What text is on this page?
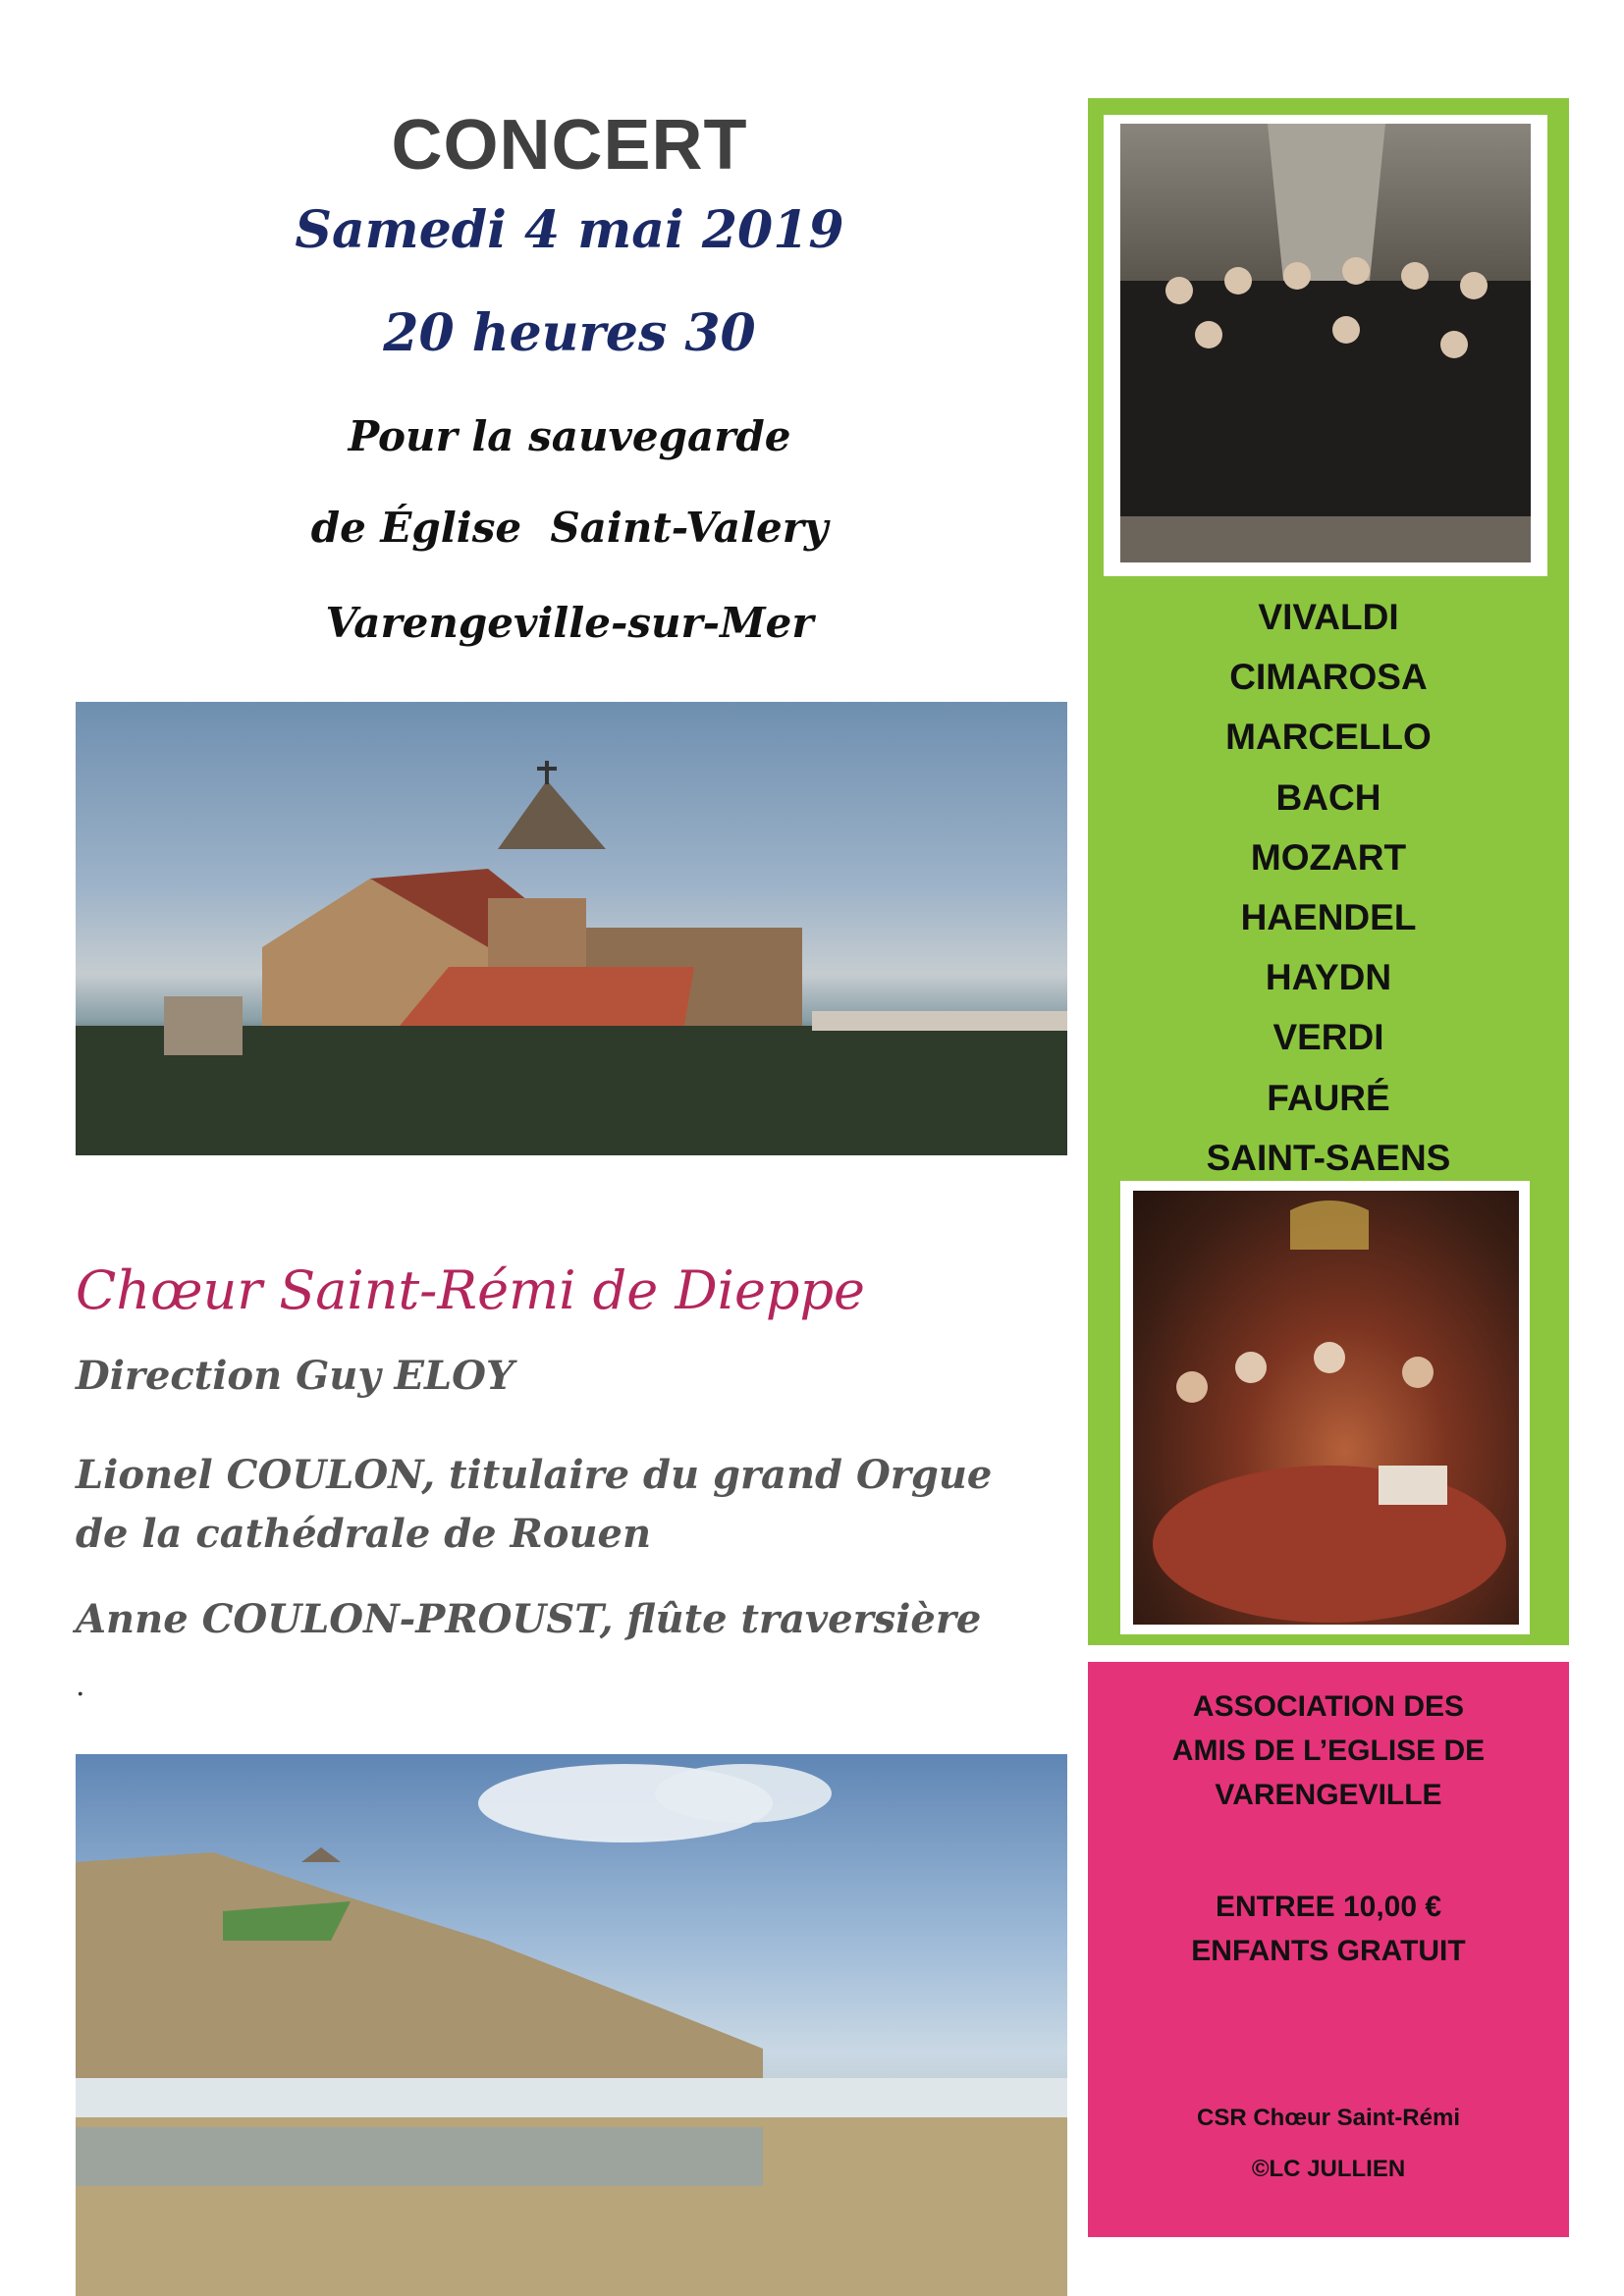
CONCERT
Samedi 4 mai 2019
20 heures 30
Pour la sauvegarde
de Église  Saint-Valery
Varengeville-sur-Mer
Chœur Saint-Rémi de Dieppe
Direction Guy ELOY
Lionel COULON, titulaire du grand Orgue
de la cathédrale de Rouen
Anne COULON-PROUST, flûte traversière
.
VIVALDI
CIMAROSA
MARCELLO
BACH
MOZART
HAENDEL
HAYDN
VERDI
FAURÉ
SAINT-SAENS
ASSOCIATION DES
AMIS DE L’EGLISE DE
VARENGEVILLE
ENTREE 10,00 €
ENFANTS GRATUIT
CSR Chœur Saint-Rémi
©LC JULLIEN
